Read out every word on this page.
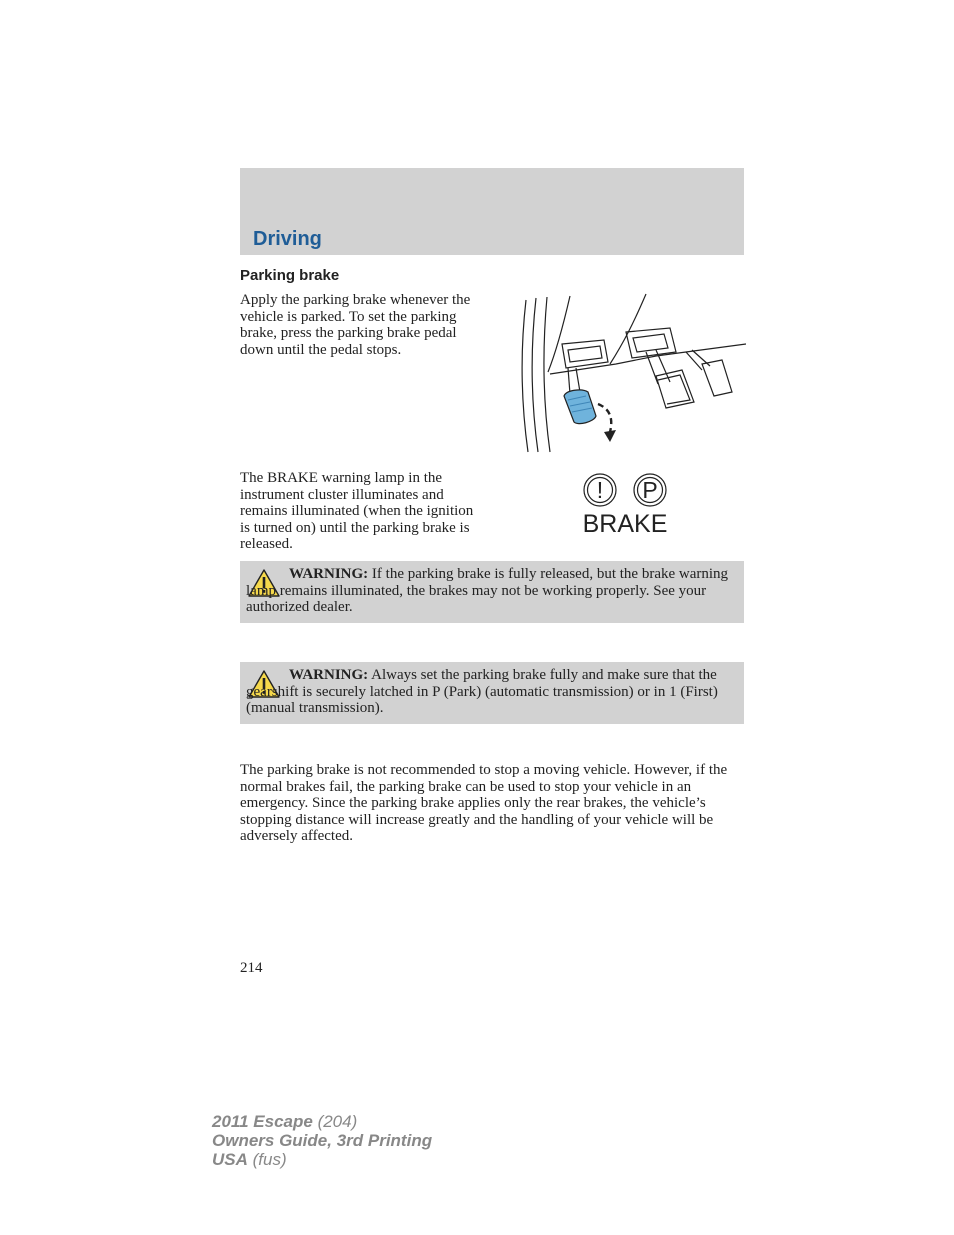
Driving
Parking brake
Apply the parking brake whenever the vehicle is parked. To set the parking brake, press the parking brake pedal down until the pedal stops.
The BRAKE warning lamp in the instrument cluster illuminates and remains illuminated (when the ignition is turned on) until the parking brake is released.
! P
BRAKE
WARNING: If the parking brake is fully released, but the brake warning lamp remains illuminated, the brakes may not be working properly. See your authorized dealer.
WARNING: Always set the parking brake fully and make sure that the gearshift is securely latched in P (Park) (automatic transmission) or in 1 (First) (manual transmission).
The parking brake is not recommended to stop a moving vehicle. However, if the normal brakes fail, the parking brake can be used to stop your vehicle in an emergency. Since the parking brake applies only the rear brakes, the vehicle’s stopping distance will increase greatly and the handling of your vehicle will be adversely affected.
214
2011 Escape (204)
Owners Guide, 3rd Printing
USA (fus)
